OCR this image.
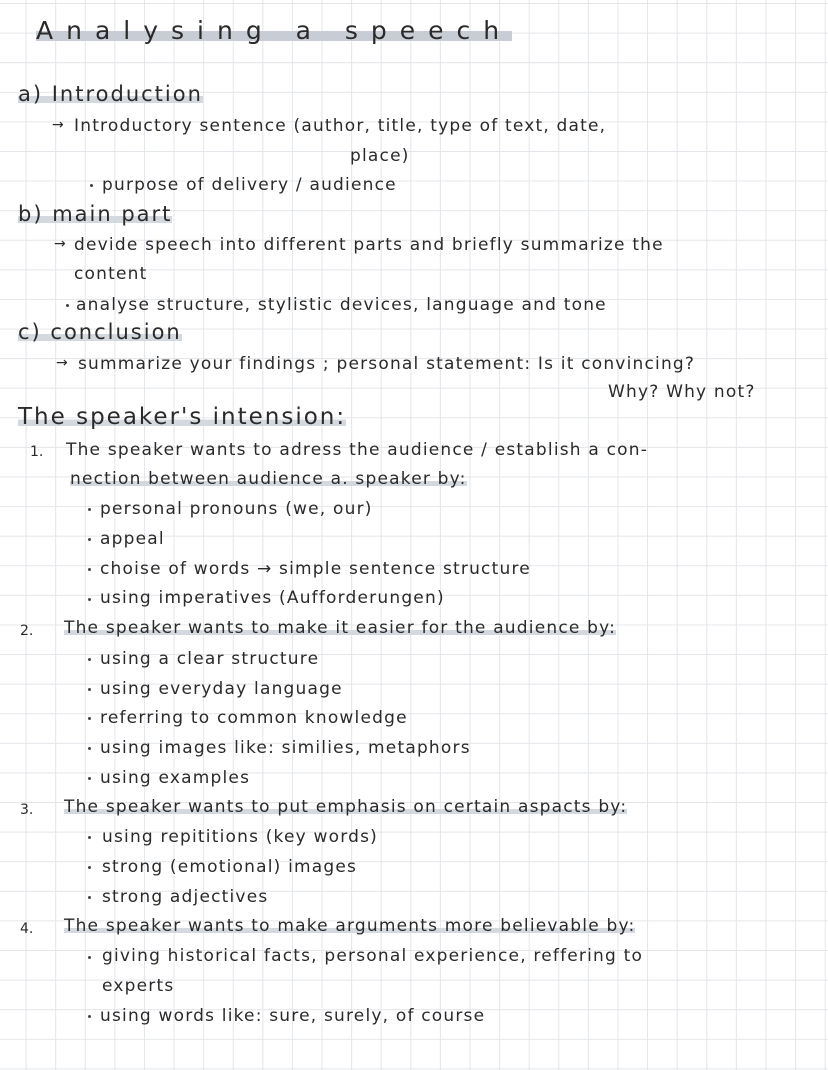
Analysing a speech
a) Introduction
→ Introductory sentence (author, title, type of text, date,
place)
purpose of delivery / audience
b) main part
→ devide speech into different parts and briefly summarize the
content
analyse structure, stylistic devices, language and tone
c) conclusion
→ summarize your findings ; personal statement: Is it convincing?
Why? Why not?
The speaker's intension:
1. The speaker wants to adress the audience / establish a con-
nection between audience a. speaker by:
personal pronouns (we, our)
appeal
choise of words → simple sentence structure
using imperatives (Aufforderungen)
2. The speaker wants to make it easier for the audience by:
using a clear structure
using everyday language
referring to common knowledge
using images like: similies, metaphors
using examples
3. The speaker wants to put emphasis on certain aspacts by:
using repititions (key words)
strong (emotional) images
strong adjectives
4. The speaker wants to make arguments more believable by:
giving historical facts, personal experience, reffering to
experts
using words like: sure, surely, of course
